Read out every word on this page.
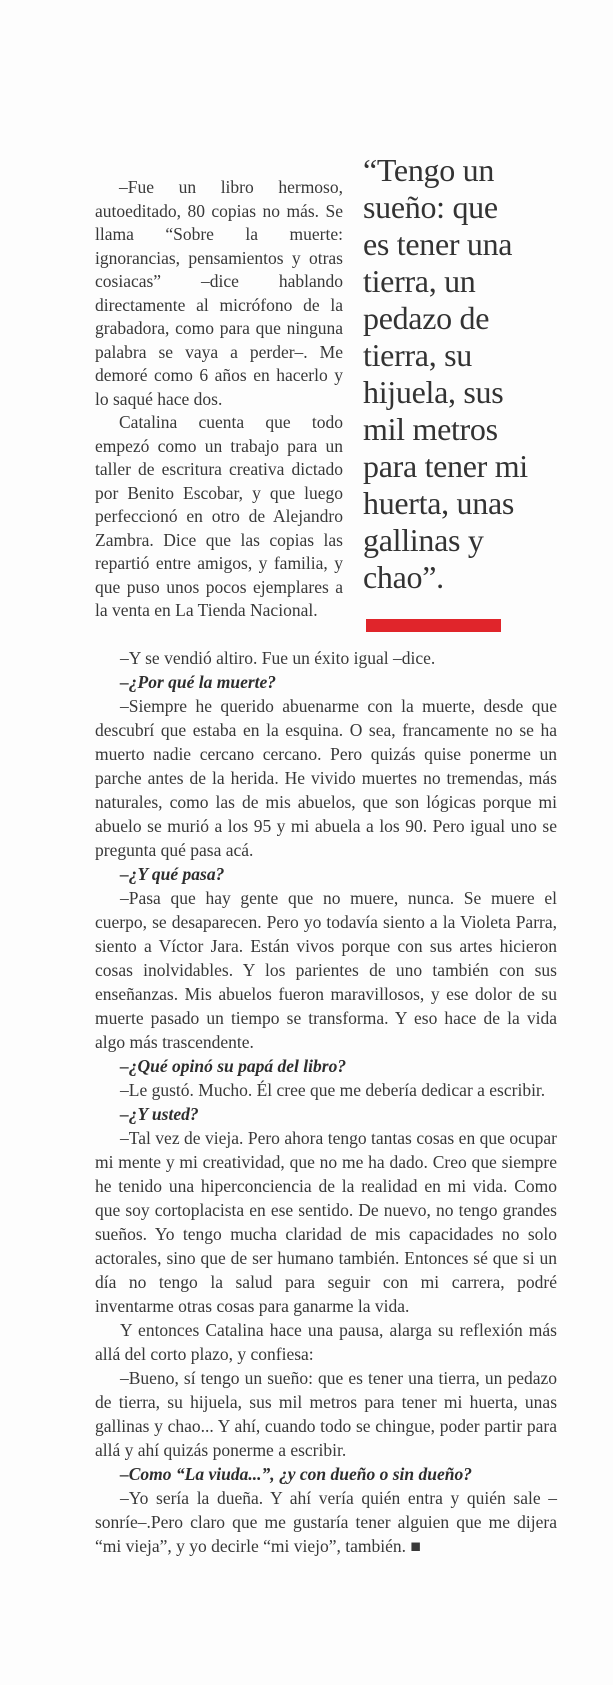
–Fue un libro hermoso, autoeditado, 80 copias no más. Se llama “Sobre la muerte: ignorancias, pensamientos y otras cosiacas” –dice hablando directamente al micrófono de la grabadora, como para que ninguna palabra se vaya a perder–. Me demoré como 6 años en hacerlo y lo saqué hace dos.

Catalina cuenta que todo empezó como un trabajo para un taller de escritura creativa dictado por Benito Escobar, y que luego perfeccionó en otro de Alejandro Zambra. Dice que las copias las repartió entre amigos, y familia, y que puso unos pocos ejemplares a la venta en La Tienda Nacional.

“Tengo un
sueño: que
es tener una
tierra, un
pedazo de
tierra, su
hijuela, sus
mil metros
para tener mi
huerta, unas
gallinas y
chao”.

–Y se vendió altiro. Fue un éxito igual –dice.

–¿Por qué la muerte?

–Siempre he querido abuenarme con la muerte, desde que descubrí que estaba en la esquina. O sea, francamente no se ha muerto nadie cercano cercano. Pero quizás quise ponerme un parche antes de la herida. He vivido muertes no tremendas, más naturales, como las de mis abuelos, que son lógicas porque mi abuelo se murió a los 95 y mi abuela a los 90. Pero igual uno se pregunta qué pasa acá.

–¿Y qué pasa?

–Pasa que hay gente que no muere, nunca. Se muere el cuerpo, se desaparecen. Pero yo todavía siento a la Violeta Parra, siento a Víctor Jara. Están vivos porque con sus artes hicieron cosas inolvidables. Y los parientes de uno también con sus enseñanzas. Mis abuelos fueron maravillosos, y ese dolor de su muerte pasado un tiempo se transforma. Y eso hace de la vida algo más trascendente.

–¿Qué opinó su papá del libro?

–Le gustó. Mucho. Él cree que me debería dedicar a escribir.

–¿Y usted?

–Tal vez de vieja. Pero ahora tengo tantas cosas en que ocupar mi mente y mi creatividad, que no me ha dado. Creo que siempre he tenido una hiperconciencia de la realidad en mi vida. Como que soy cortoplacista en ese sentido. De nuevo, no tengo grandes sueños. Yo tengo mucha claridad de mis capacidades no solo actorales, sino que de ser humano también. Entonces sé que si un día no tengo la salud para seguir con mi carrera, podré inventarme otras cosas para ganarme la vida.

Y entonces Catalina hace una pausa, alarga su reflexión más allá del corto plazo, y confiesa:

–Bueno, sí tengo un sueño: que es tener una tierra, un pedazo de tierra, su hijuela, sus mil metros para tener mi huerta, unas gallinas y chao... Y ahí, cuando todo se chingue, poder partir para allá y ahí quizás ponerme a escribir.

–Como “La viuda...”, ¿y con dueño o sin dueño?

–Yo sería la dueña. Y ahí vería quién entra y quién sale –sonríe–.Pero claro que me gustaría tener alguien que me dijera “mi vieja”, y yo decirle “mi viejo”, también. ■
